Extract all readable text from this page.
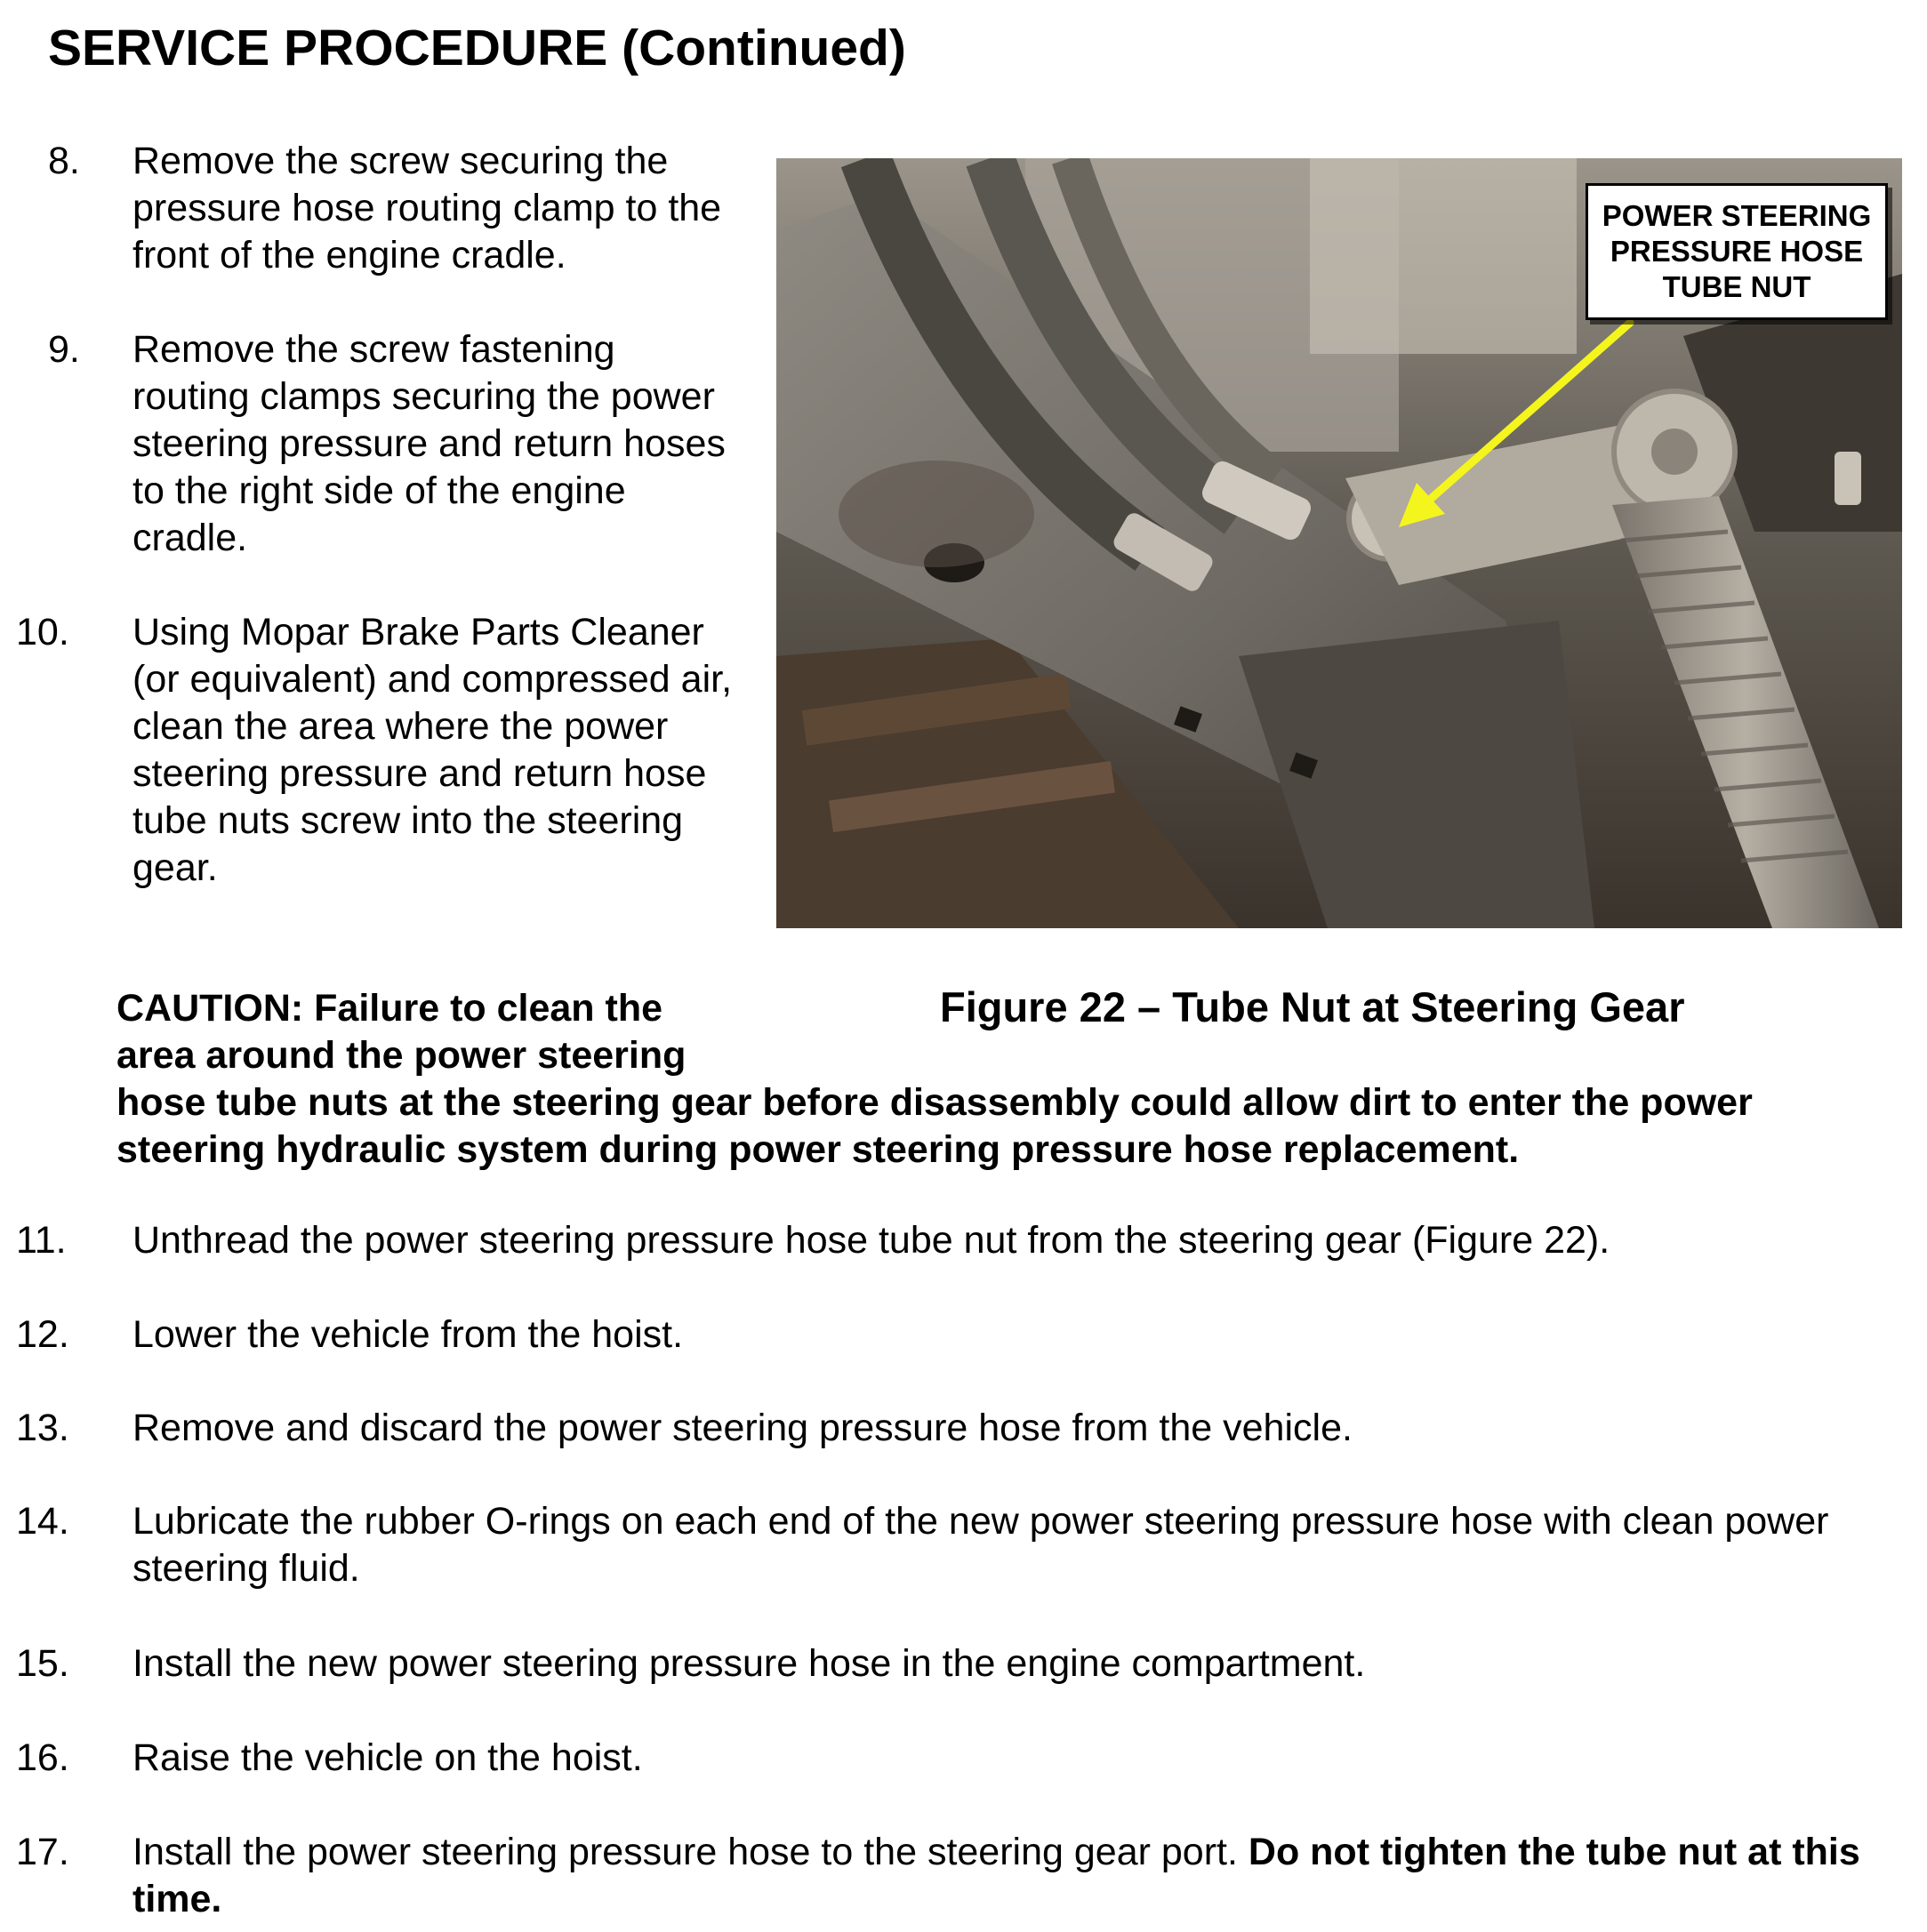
SERVICE PROCEDURE (Continued)
8. Remove the screw securing the pressure hose routing clamp to the front of the engine cradle.
9. Remove the screw fastening routing clamps securing the power steering pressure and return hoses to the right side of the engine cradle.
10. Using Mopar Brake Parts Cleaner (or equivalent) and compressed air, clean the area where the power steering pressure and return hose tube nuts screw into the steering gear.
CAUTION: Failure to clean the area around the power steering
hose tube nuts at the steering gear before disassembly could allow dirt to enter the power steering hydraulic system during power steering pressure hose replacement.
POWER STEERING PRESSURE HOSE TUBE NUT
Figure 22 – Tube Nut at Steering Gear
11. Unthread the power steering pressure hose tube nut from the steering gear (Figure 22).
12. Lower the vehicle from the hoist.
13. Remove and discard the power steering pressure hose from the vehicle.
14. Lubricate the rubber O-rings on each end of the new power steering pressure hose with clean power steering fluid.
15. Install the new power steering pressure hose in the engine compartment.
16. Raise the vehicle on the hoist.
17. Install the power steering pressure hose to the steering gear port. Do not tighten the tube nut at this time.
